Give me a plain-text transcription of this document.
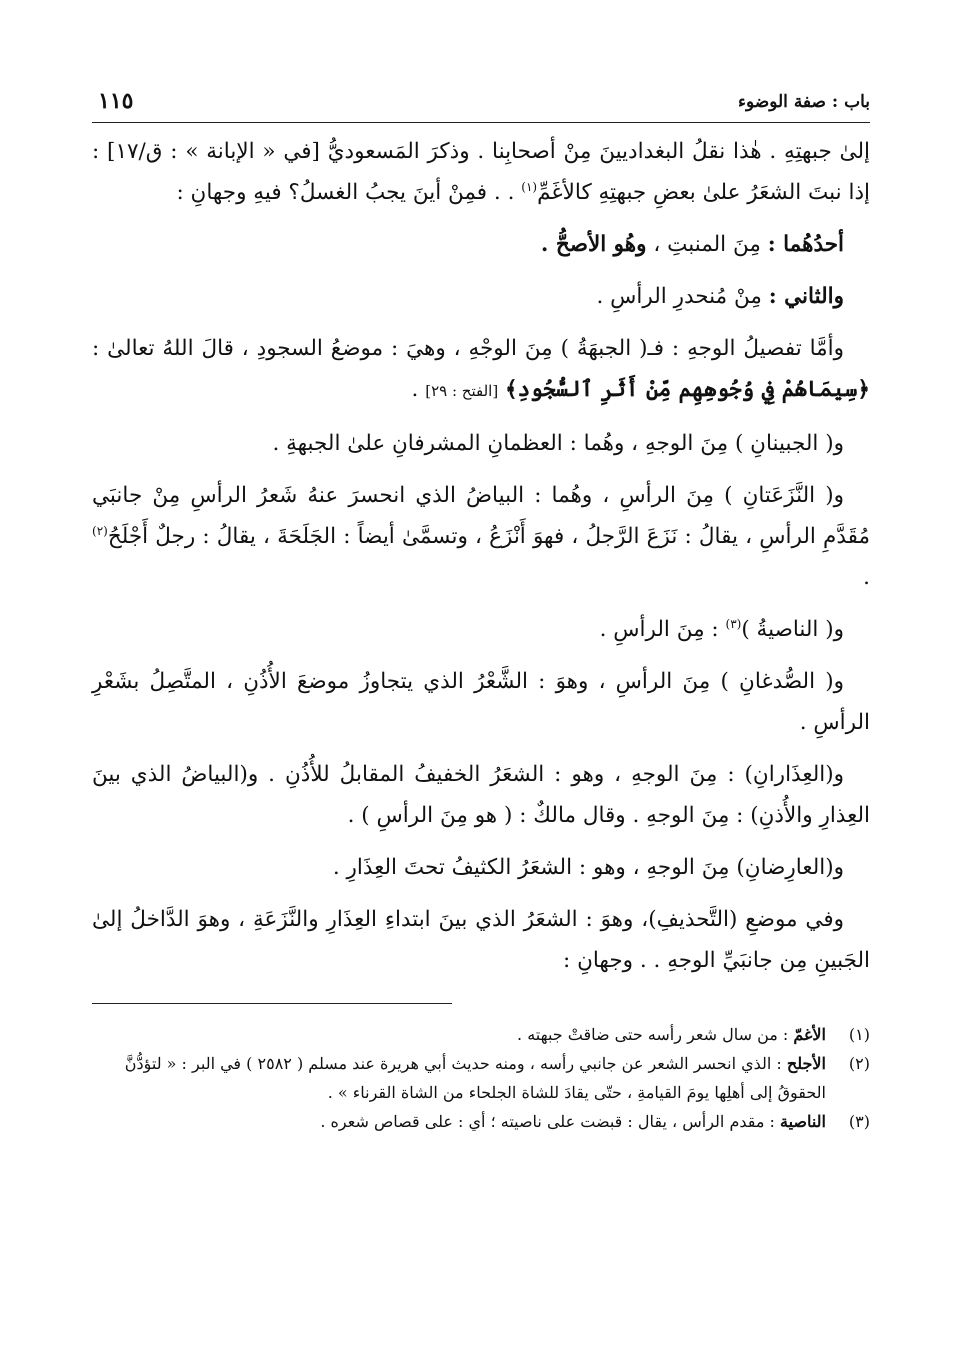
باب : صفة الوضوء
١١٥

إلىٰ جبهتِهِ . هٰذا نقلُ البغداديينَ مِنْ أصحابِنا . وذكرَ المَسعوديُّ [في « الإبانة » : ق/١٧] : إذا نبتَ الشعَرُ علىٰ بعضِ جبهتِهِ كالأغَمِّ$^{(١)}$ . . فمِنْ أينَ يجبُ الغسلُ؟ فيهِ وجهانِ :

أحدُهُما : مِنَ المنبتِ ، وهُو الأصحُّ .

والثاني : مِنْ مُنحدرِ الرأسِ .

وأمَّا تفصيلُ الوجهِ : فـ( الجبهَةُ ) مِنَ الوجْهِ ، وهيَ : موضعُ السجودِ ، قالَ اللهُ تعالىٰ : ﴿سِيمَاهُمْ فِي وُجُوهِهِم مِّنْ أَثَرِ ٱلسُّجُودِ﴾ [الفتح : ٢٩] .

و( الجبينانِ ) مِنَ الوجهِ ، وهُما : العظمانِ المشرفانِ علىٰ الجبهةِ .

و( النَّزَعَتانِ ) مِنَ الرأسِ ، وهُما : البياضُ الذي انحسرَ عنهُ شَعرُ الرأسِ مِنْ جانبَي مُقَدَّمِ الرأسِ ، يقالُ : نَزَعَ الرَّجلُ ، فهوَ أَنْزَعُ ، وتسمَّىٰ أيضاً : الجَلَحَةَ ، يقالُ : رجلٌ أَجْلَحُ$^{(٢)}$ .

و( الناصيةُ )$^{(٣)}$ : مِنَ الرأسِ .

و( الصُّدغانِ ) مِنَ الرأسِ ، وهوَ : الشَّعْرُ الذي يتجاوزُ موضعَ الأُذُنِ ، المتَّصِلُ بشَعْرِ الرأسِ .

و(العِذَارانِ) : مِنَ الوجهِ ، وهو : الشعَرُ الخفيفُ المقابلُ للأُذُنِ . و(البياضُ الذي بينَ العِذارِ والأُذنِ) : مِنَ الوجهِ . وقال مالكٌ : ( هو مِنَ الرأسِ ) .

و(العارِضانِ) مِنَ الوجهِ ، وهو : الشعَرُ الكثيفُ تحتَ العِذَارِ .

وفي موضعِ (التَّحذيفِ)، وهوَ : الشعَرُ الذي بينَ ابتداءِ العِذَارِ والنَّزَعَةِ ، وهوَ الدَّاخلُ إلىٰ الجَبينِ مِن جانبَيِّ الوجهِ . . وجهانِ :

(١)
الأغمّ : من سال شعر رأسه حتى ضاقتْ جبهته .
(٢)
الأجلح : الذي انحسر الشعر عن جانبي رأسه ، ومنه حديث أبي هريرة عند مسلم ( ٢٥٨٢ ) في البر : « لتؤدُّنَّ الحقوقُ إلى أهلِها يومَ القيامةِ ، حتّى يقادَ للشاة الجلحاء من الشاة القرناء » .
(٣)
الناصية : مقدم الرأس ، يقال : قبضت على ناصيته ؛ أي : على قصاص شعره .
